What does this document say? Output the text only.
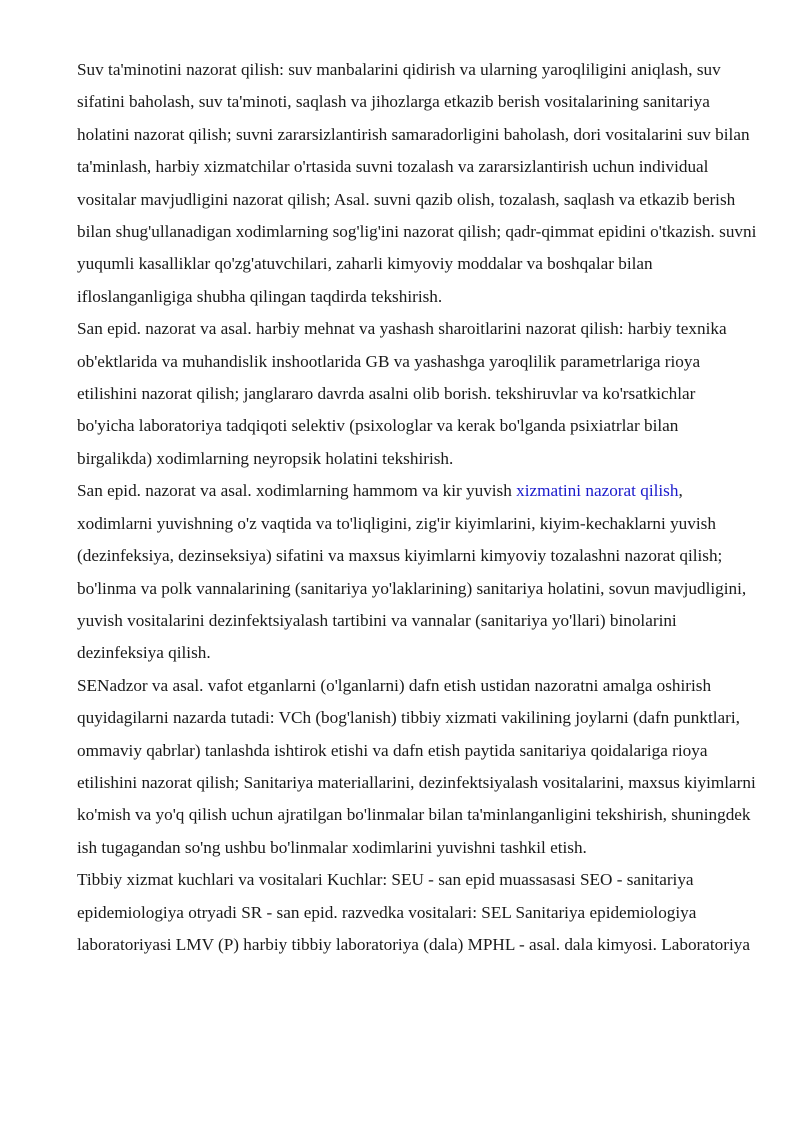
Suv ta'minotini nazorat qilish: suv manbalarini qidirish va ularning yaroqliligini aniqlash, suv sifatini baholash, suv ta'minoti, saqlash va jihozlarga etkazib berish vositalarining sanitariya holatini nazorat qilish; suvni zararsizlantirish samaradorligini baholash, dori vositalarini suv bilan ta'minlash, harbiy xizmatchilar o'rtasida suvni tozalash va zararsizlantirish uchun individual vositalar mavjudligini nazorat qilish; Asal. suvni qazib olish, tozalash, saqlash va etkazib berish bilan shug'ullanadigan xodimlarning sog'lig'ini nazorat qilish; qadr-qimmat epidini o'tkazish. suvni yuqumli kasalliklar qo'zg'atuvchilari, zaharli kimyoviy moddalar va boshqalar bilan ifloslanganligiga shubha qilingan taqdirda tekshirish.

San epid. nazorat va asal. harbiy mehnat va yashash sharoitlarini nazorat qilish: harbiy texnika ob'ektlarida va muhandislik inshootlarida GB va yashashga yaroqlilik parametrlariga rioya etilishini nazorat qilish; janglararo davrda asalni olib borish. tekshiruvlar va ko'rsatkichlar bo'yicha laboratoriya tadqiqoti selektiv (psixologlar va kerak bo'lganda psixiatrlar bilan birgalikda) xodimlarning neyropsik holatini tekshirish.

San epid. nazorat va asal. xodimlarning hammom va kir yuvish xizmatini nazorat qilish, xodimlarni yuvishning o'z vaqtida va to'liqligini, zig'ir kiyimlarini, kiyim-kechaklarni yuvish (dezinfeksiya, dezinseksiya) sifatini va maxsus kiyimlarni kimyoviy tozalashni nazorat qilish; bo'linma va polk vannalarining (sanitariya yo'laklarining) sanitariya holatini, sovun mavjudligini, yuvish vositalarini dezinfektsiyalash tartibini va vannalar (sanitariya yo'llari) binolarini dezinfeksiya qilish.

SENadzor va asal. vafot etganlarni (o'lganlarni) dafn etish ustidan nazoratni amalga oshirish quyidagilarni nazarda tutadi: VCh (bog'lanish) tibbiy xizmati vakilining joylarni (dafn punktlari, ommaviy qabrlar) tanlashda ishtirok etishi va dafn etish paytida sanitariya qoidalariga rioya etilishini nazorat qilish; Sanitariya materiallarini, dezinfektsiyalash vositalarini, maxsus kiyimlarni ko'mish va yo'q qilish uchun ajratilgan bo'linmalar bilan ta'minlanganligini tekshirish, shuningdek ish tugagandan so'ng ushbu bo'linmalar xodimlarini yuvishni tashkil etish.

Tibbiy xizmat kuchlari va vositalari Kuchlar: SEU - san epid muassasasi SEO - sanitariya epidemiologiya otryadi SR - san epid. razvedka vositalari: SEL Sanitariya epidemiologiya laboratoriyasi LMV (P) harbiy tibbiy laboratoriya (dala) MPHL - asal. dala kimyosi. Laboratoriya
